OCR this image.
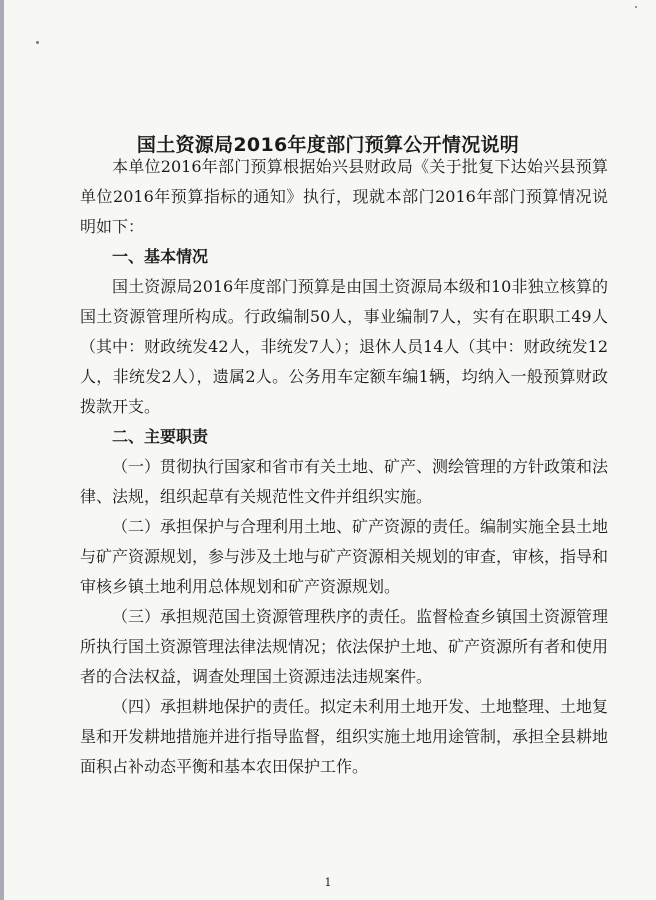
国土资源局2016年度部门预算公开情况说明

本单位2016年部门预算根据始兴县财政局《关于批复下达始兴县预算单位2016年预算指标的通知》执行，现就本部门2016年部门预算情况说明如下：

一、基本情况

国土资源局2016年度部门预算是由国土资源局本级和10非独立核算的国土资源管理所构成。行政编制50人，事业编制7人，实有在职职工49人（其中：财政统发42人，非统发7人）；退休人员14人（其中：财政统发12人，非统发2人），遗属2人。公务用车定额车编1辆，均纳入一般预算财政拨款开支。

二、主要职责

（一）贯彻执行国家和省市有关土地、矿产、测绘管理的方针政策和法律、法规，组织起草有关规范性文件并组织实施。

（二）承担保护与合理利用土地、矿产资源的责任。编制实施全县土地与矿产资源规划，参与涉及土地与矿产资源相关规划的审查，审核，指导和审核乡镇土地利用总体规划和矿产资源规划。

（三）承担规范国土资源管理秩序的责任。监督检查乡镇国土资源管理所执行国土资源管理法律法规情况；依法保护土地、矿产资源所有者和使用者的合法权益，调查处理国土资源违法违规案件。

（四）承担耕地保护的责任。拟定未利用土地开发、土地整理、土地复垦和开发耕地措施并进行指导监督，组织实施土地用途管制，承担全县耕地面积占补动态平衡和基本农田保护工作。

1
